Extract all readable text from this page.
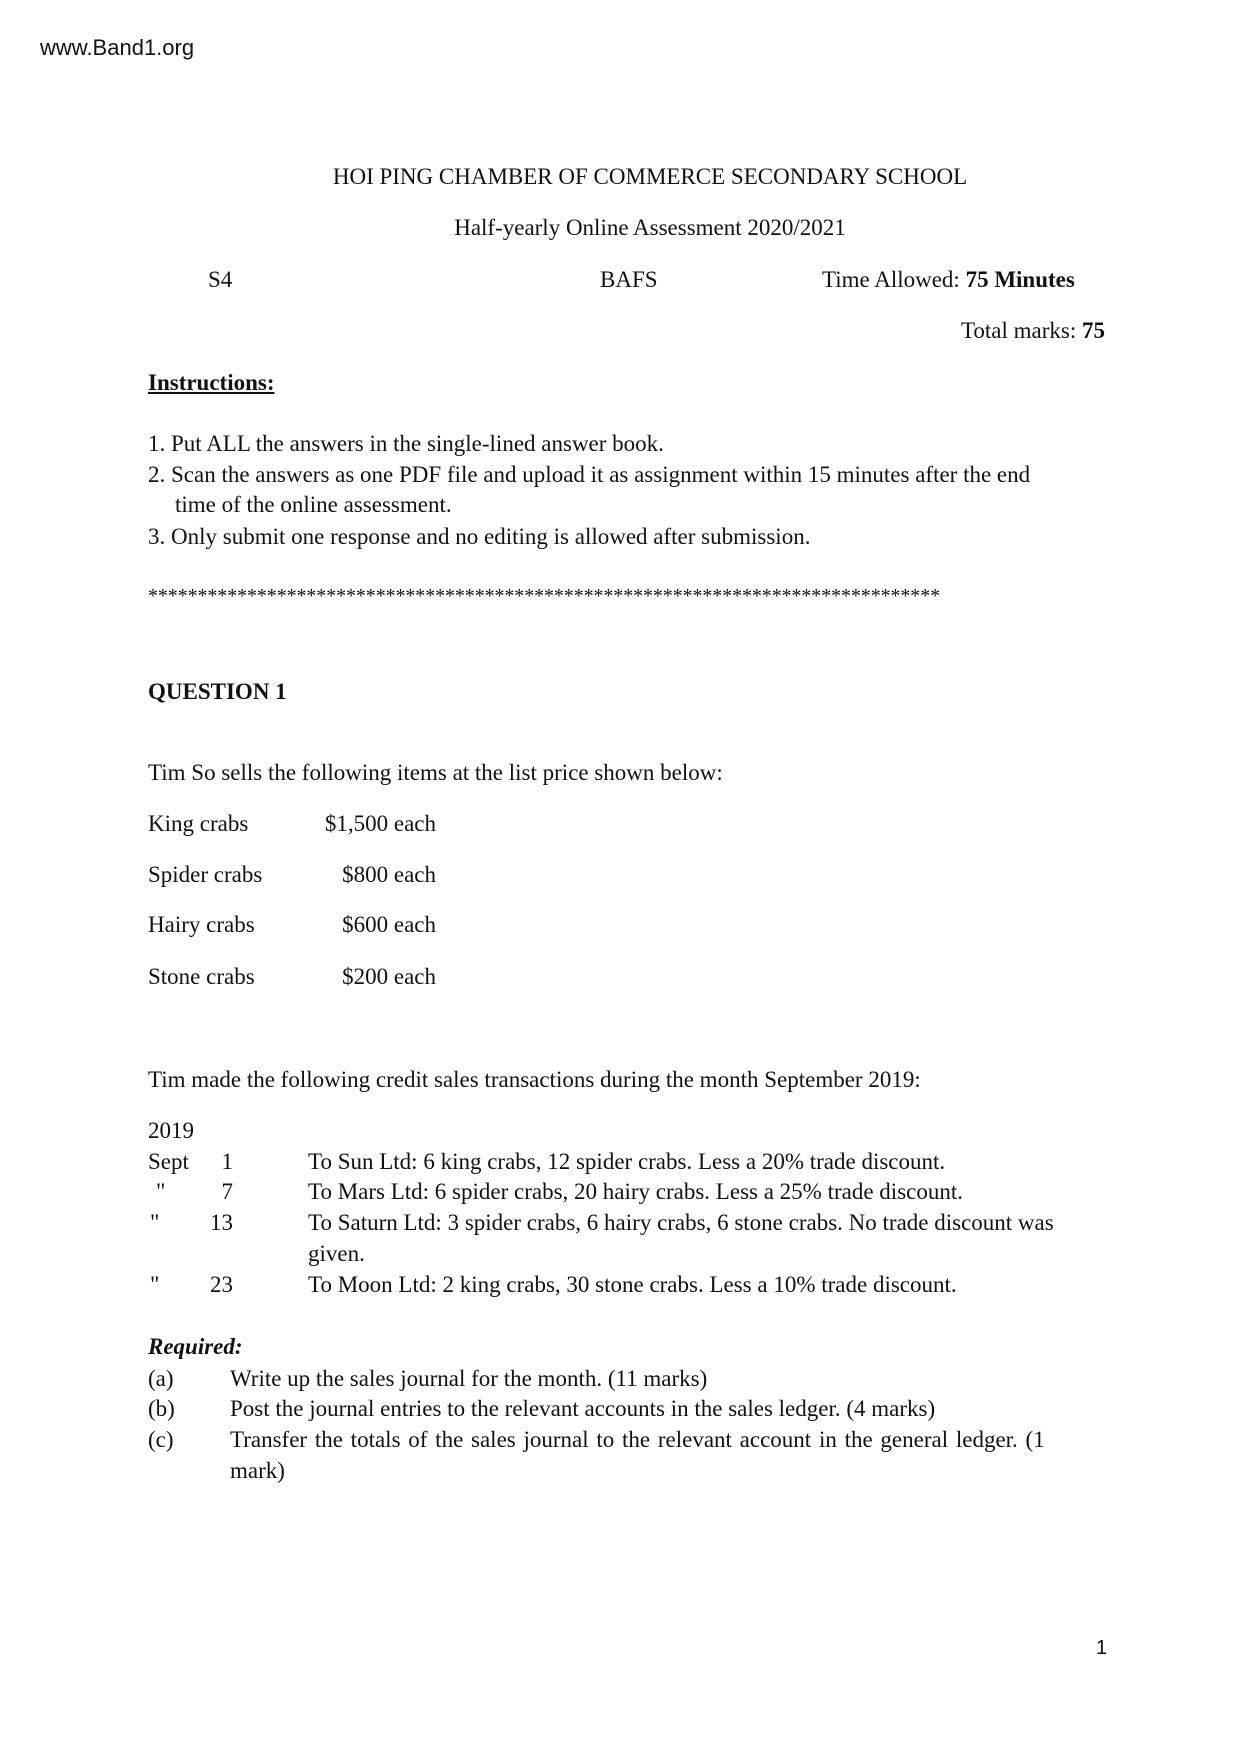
www.Band1.org
HOI PING CHAMBER OF COMMERCE SECONDARY SCHOOL
Half-yearly Online Assessment 2020/2021
S4	BAFS	Time Allowed: 75 Minutes
Total marks: 75
Instructions:
1. Put ALL the answers in the single-lined answer book.
2. Scan the answers as one PDF file and upload it as assignment within 15 minutes after the end
time of the online assessment.
3. Only submit one response and no editing is allowed after submission.
********************************************************************************
QUESTION 1
Tim So sells the following items at the list price shown below:
King crabs	$1,500 each
Spider crabs	$800 each
Hairy crabs	$600 each
Stone crabs	$200 each
Tim made the following credit sales transactions during the month September 2019:
2019
Sept 1	To Sun Ltd: 6 king crabs, 12 spider crabs. Less a 20% trade discount.
" 7	To Mars Ltd: 6 spider crabs, 20 hairy crabs. Less a 25% trade discount.
" 13	To Saturn Ltd: 3 spider crabs, 6 hairy crabs, 6 stone crabs. No trade discount was
given.
" 23	To Moon Ltd: 2 king crabs, 30 stone crabs. Less a 10% trade discount.
Required:
(a) Write up the sales journal for the month. (11 marks)
(b) Post the journal entries to the relevant accounts in the sales ledger. (4 marks)
(c) Transfer the totals of the sales journal to the relevant account in the general ledger. (1
mark)
1
